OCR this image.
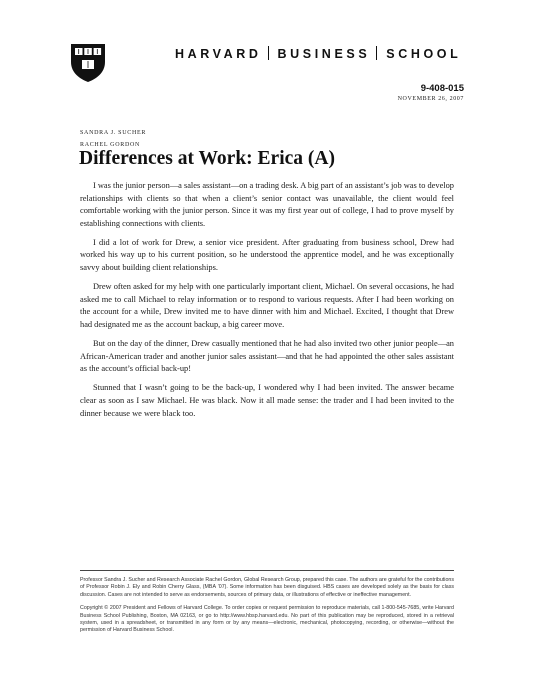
HARVARD BUSINESS SCHOOL
9-408-015
NOVEMBER 26, 2007
SANDRA J. SUCHER
RACHEL GORDON
Differences at Work: Erica (A)

I was the junior person—a sales assistant—on a trading desk. A big part of an assistant’s job was to develop relationships with clients so that when a client’s senior contact was unavailable, the client would feel comfortable working with the junior person. Since it was my first year out of college, I had to prove myself by establishing connections with clients.

I did a lot of work for Drew, a senior vice president. After graduating from business school, Drew had worked his way up to his current position, so he understood the apprentice model, and he was exceptionally savvy about building client relationships.

Drew often asked for my help with one particularly important client, Michael. On several occasions, he had asked me to call Michael to relay information or to respond to various requests. After I had been working on the account for a while, Drew invited me to have dinner with him and Michael. Excited, I thought that Drew had designated me as the account backup, a big career move.

But on the day of the dinner, Drew casually mentioned that he had also invited two other junior people—an African-American trader and another junior sales assistant—and that he had appointed the other sales assistant as the account’s official back-up!

Stunned that I wasn’t going to be the back-up, I wondered why I had been invited. The answer became clear as soon as I saw Michael. He was black. Now it all made sense: the trader and I had been invited to the dinner because we were black too.

Professor Sandra J. Sucher and Research Associate Rachel Gordon, Global Research Group, prepared this case. The authors are grateful for the contributions of Professor Robin J. Ely and Robin Cherry Glass, (MBA ’07). Some information has been disguised. HBS cases are developed solely as the basis for class discussion. Cases are not intended to serve as endorsements, sources of primary data, or illustrations of effective or ineffective management.

Copyright © 2007 President and Fellows of Harvard College. To order copies or request permission to reproduce materials, call 1-800-545-7685, write Harvard Business School Publishing, Boston, MA 02163, or go to http://www.hbsp.harvard.edu. No part of this publication may be reproduced, stored in a retrieval system, used in a spreadsheet, or transmitted in any form or by any means—electronic, mechanical, photocopying, recording, or otherwise—without the permission of Harvard Business School.
